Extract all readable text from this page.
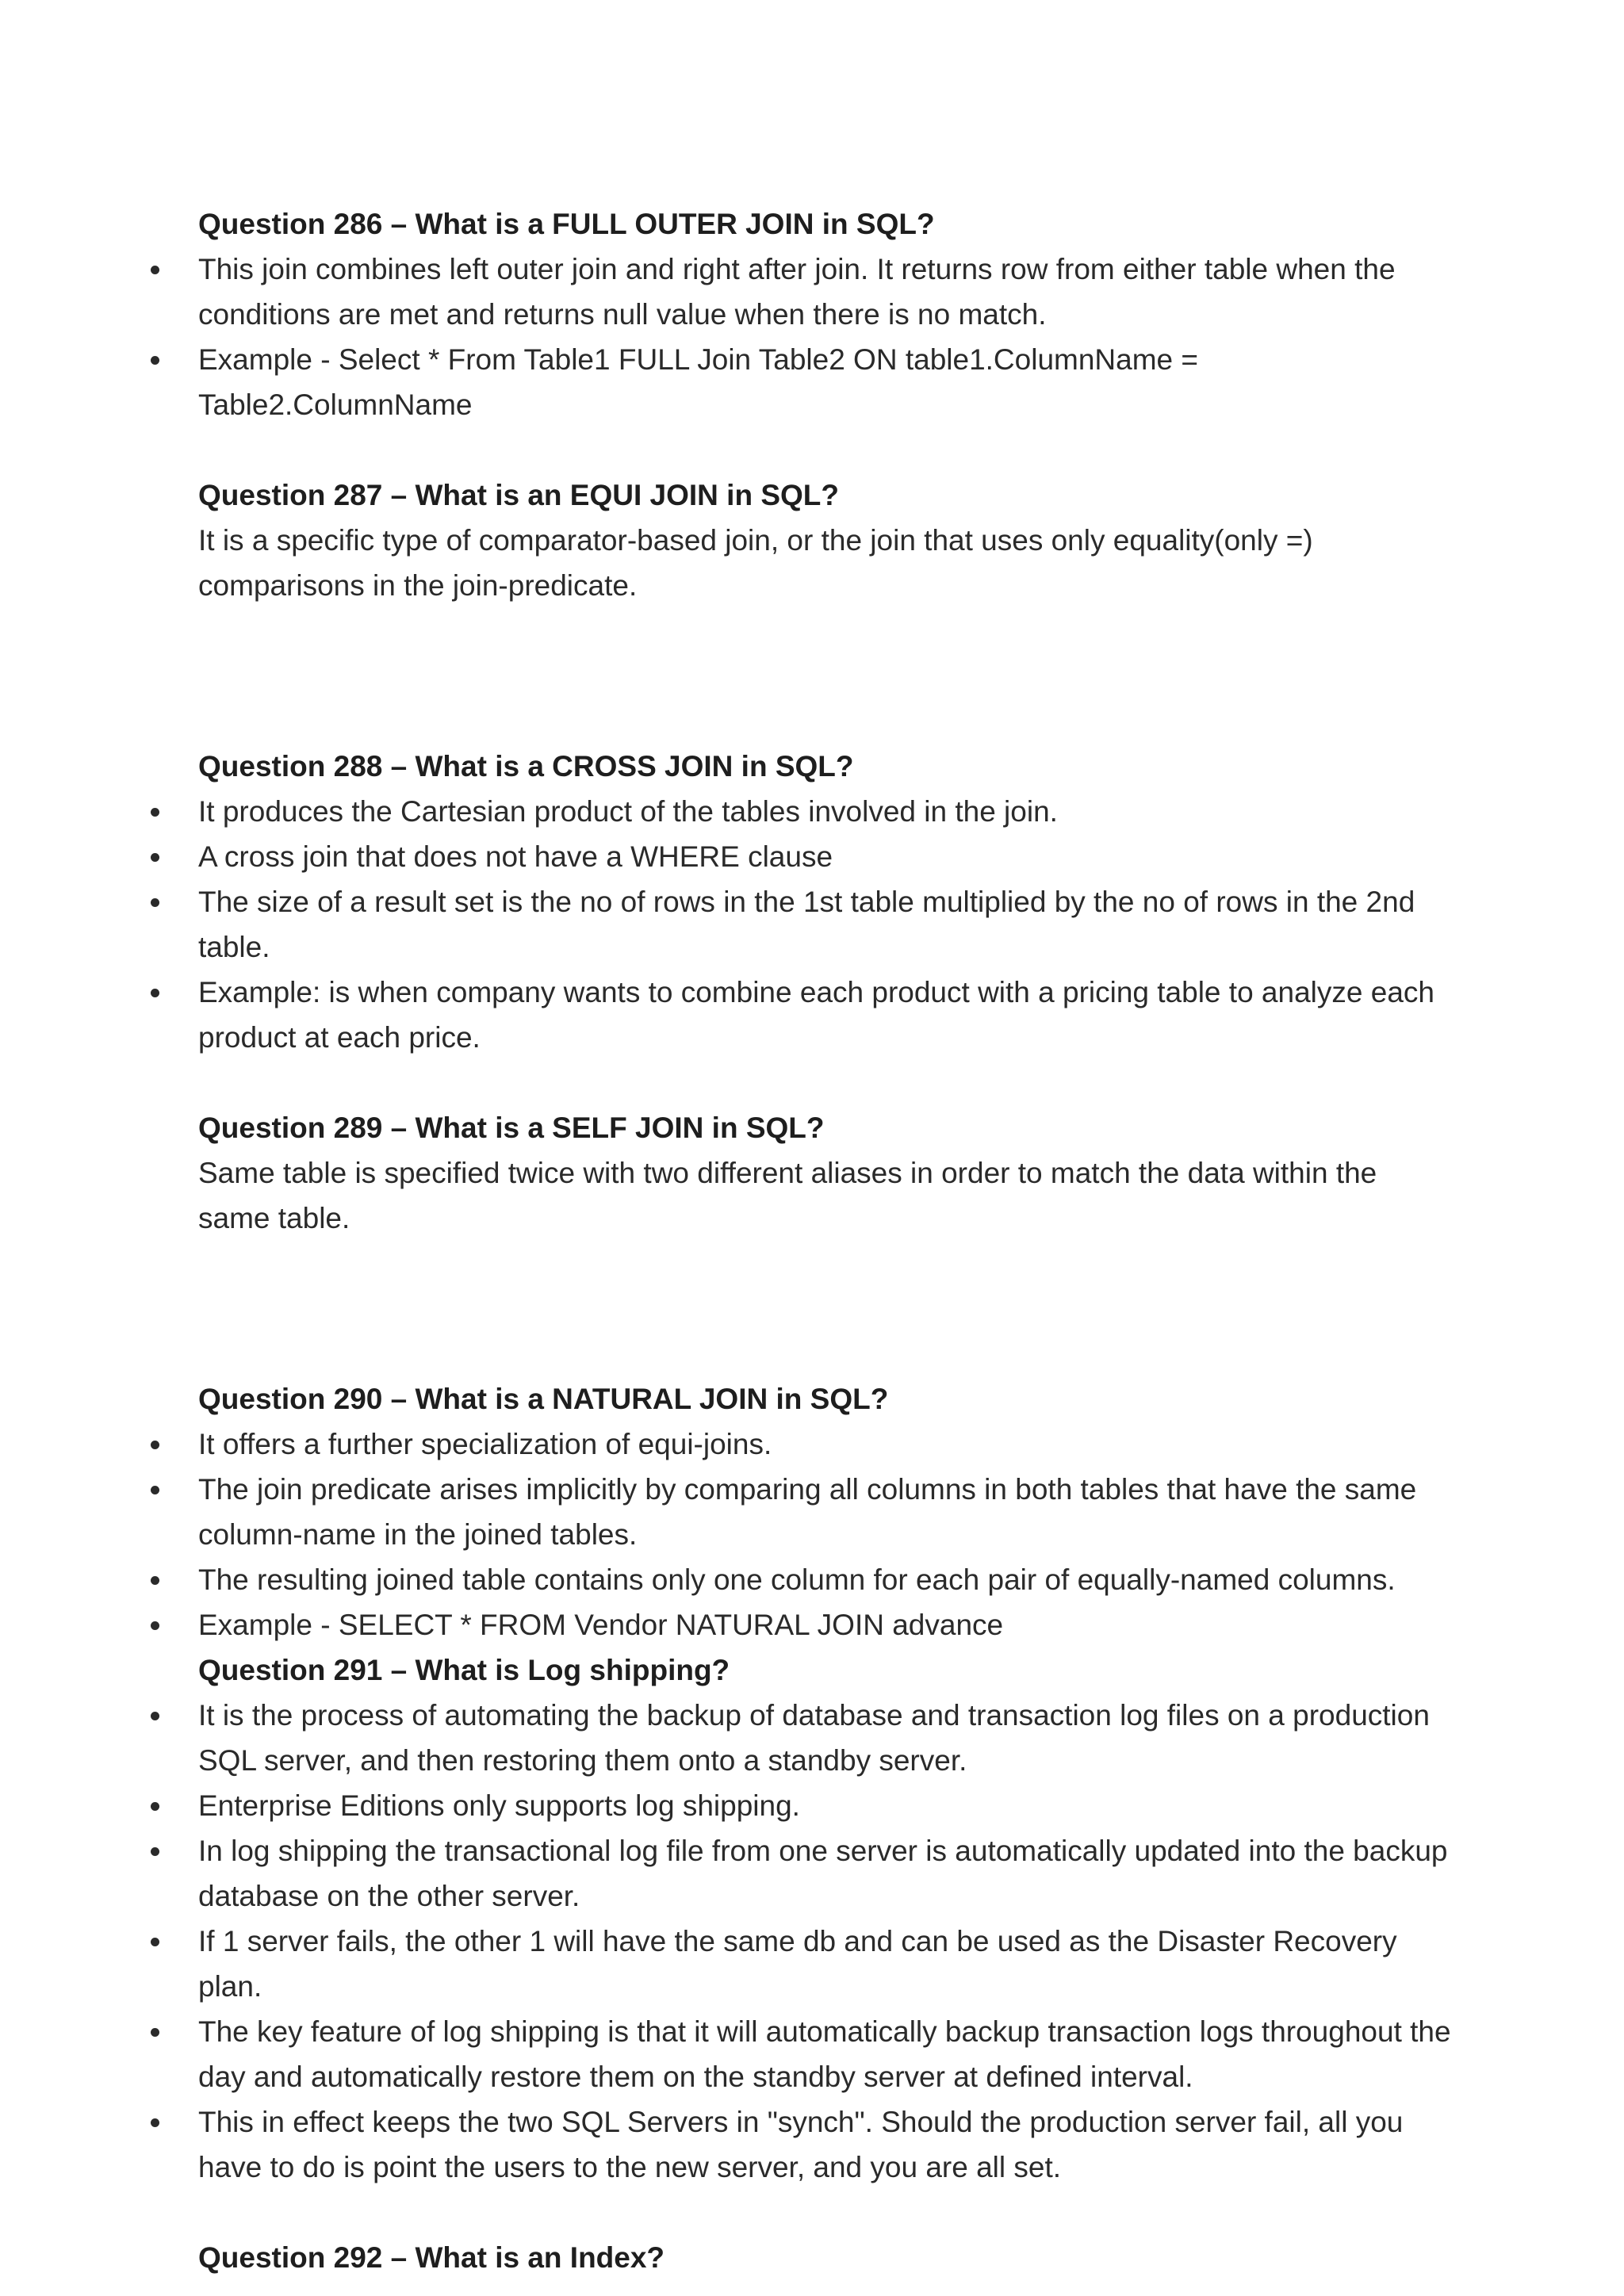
Question 286 – What is a FULL OUTER JOIN in SQL?

This join combines left outer join and right after join. It returns row from either table when the conditions are met and returns null value when there is no match.
Example - Select * From Table1 FULL Join Table2 ON table1.ColumnName = Table2.ColumnName

Question 287 – What is an EQUI JOIN in SQL?

It is a specific type of comparator-based join, or the join that uses only equality(only =) comparisons in the join-predicate.

Question 288 – What is a CROSS JOIN in SQL?

It produces the Cartesian product of the tables involved in the join.
A cross join that does not have a WHERE clause
The size of a result set is the no of rows in the 1st table multiplied by the no of rows in the 2nd table.
Example: is when company wants to combine each product with a pricing table to analyze each product at each price.

Question 289 – What is a SELF JOIN in SQL?

Same table is specified twice with two different aliases in order to match the data within the same table.

Question 290 – What is a NATURAL JOIN in SQL?

It offers a further specialization of equi-joins.
The join predicate arises implicitly by comparing all columns in both tables that have the same column-name in the joined tables.
The resulting joined table contains only one column for each pair of equally-named columns.
Example - SELECT * FROM Vendor NATURAL JOIN advance

Question 291 – What is Log shipping?

It is the process of automating the backup of database and transaction log files on a production SQL server, and then restoring them onto a standby server.
Enterprise Editions only supports log shipping.
In log shipping the transactional log file from one server is automatically updated into the backup database on the other server.
If 1 server fails, the other 1 will have the same db and can be used as the Disaster Recovery plan.
The key feature of log shipping is that it will automatically backup transaction logs throughout the day and automatically restore them on the standby server at defined interval.
This in effect keeps the two SQL Servers in "synch". Should the production server fail, all you have to do is point the users to the new server, and you are all set.

Question 292 – What is an Index?
